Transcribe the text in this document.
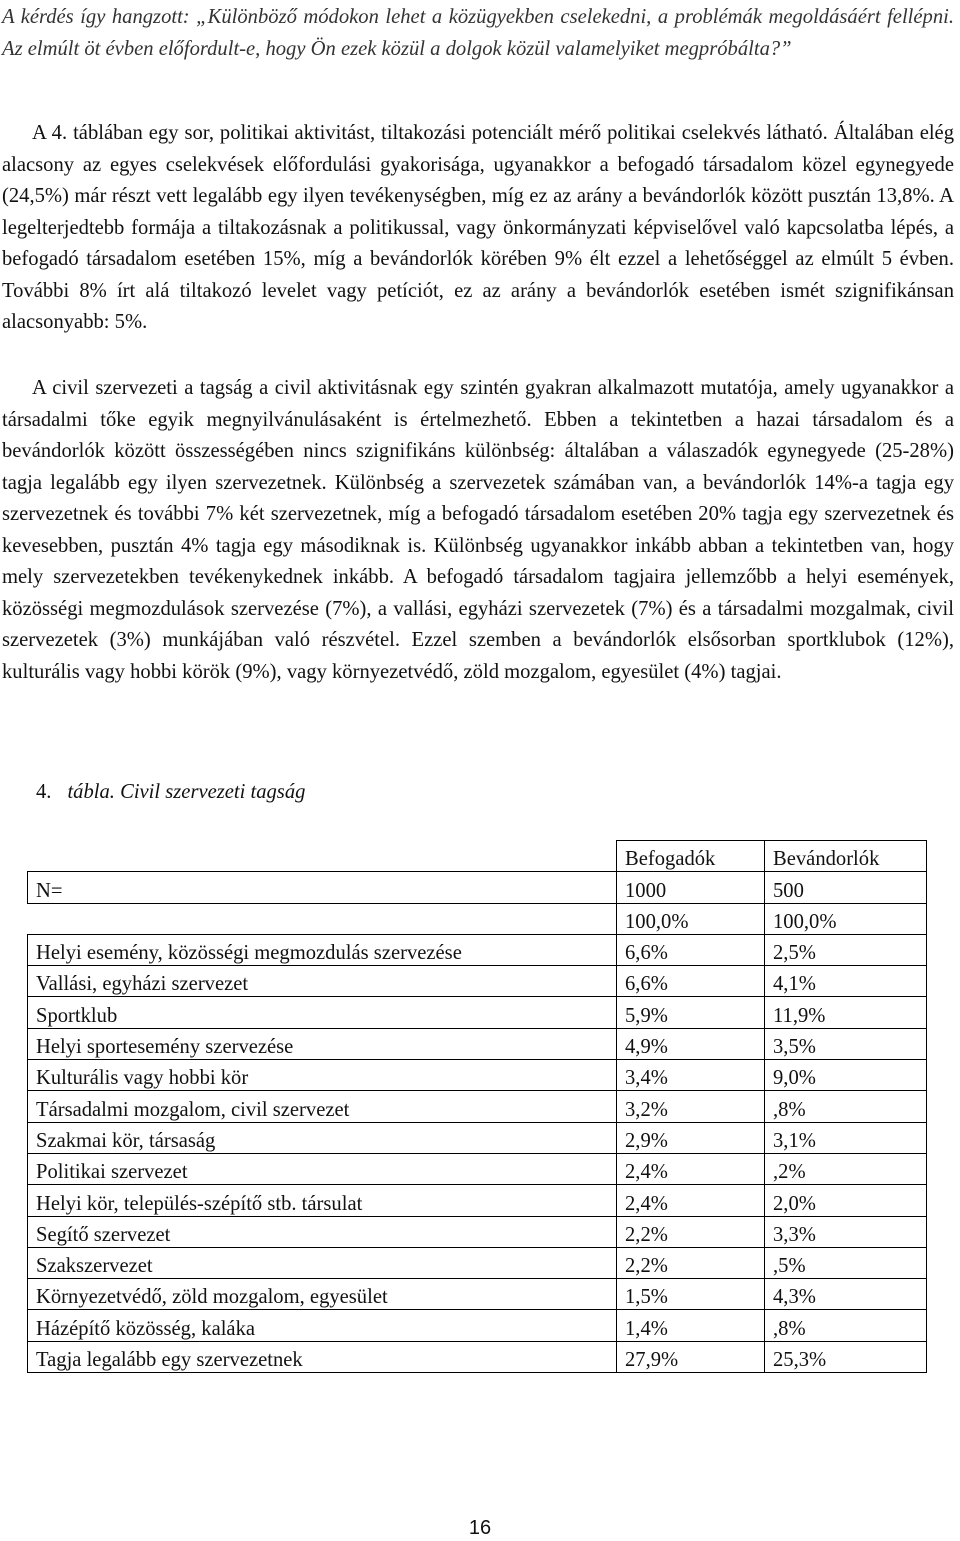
A kérdés így hangzott: „Különböző módokon lehet a közügyekben cselekedni, a problémák megoldásáért fellépni. Az elmúlt öt évben előfordult-e, hogy Ön ezek közül a dolgok közül valamelyiket megpróbálta?”

A 4. táblában egy sor, politikai aktivitást, tiltakozási potenciált mérő politikai cselekvés látható. Általában elég alacsony az egyes cselekvések előfordulási gyakorisága, ugyanakkor a befogadó társadalom közel egynegyede (24,5%) már részt vett legalább egy ilyen tevékenységben, míg ez az arány a bevándorlók között pusztán 13,8%. A legelterjedtebb formája a tiltakozásnak a politikussal, vagy önkormányzati képviselővel való kapcsolatba lépés, a befogadó társadalom esetében 15%, míg a bevándorlók körében 9% élt ezzel a lehetőséggel az elmúlt 5 évben. További 8% írt alá tiltakozó levelet vagy petíciót, ez az arány a bevándorlók esetében ismét szignifikánsan alacsonyabb: 5%.

A civil szervezeti a tagság a civil aktivitásnak egy szintén gyakran alkalmazott mutatója, amely ugyanakkor a társadalmi tőke egyik megnyilvánulásaként is értelmezhető. Ebben a tekintetben a hazai társadalom és a bevándorlók között összességében nincs szignifikáns különbség: általában a válaszadók egynegyede (25-28%) tagja legalább egy ilyen szervezetnek. Különbség a szervezetek számában van, a bevándorlók 14%-a tagja egy szervezetnek és további 7% két szervezetnek, míg a befogadó társadalom esetében 20% tagja egy szervezetnek és kevesebben, pusztán 4% tagja egy másodiknak is. Különbség ugyanakkor inkább abban a tekintetben van, hogy mely szervezetekben tevékenykednek inkább. A befogadó társadalom tagjaira jellemzőbb a helyi események, közösségi megmozdulások szervezése (7%), a vallási, egyházi szervezetek (7%) és a társadalmi mozgalmak, civil szervezetek (3%) munkájában való részvétel. Ezzel szemben a bevándorlók elsősorban sportklubok (12%), kulturális vagy hobbi körök (9%), vagy környezetvédő, zöld mozgalom, egyesület (4%) tagjai.

4. tábla. Civil szervezeti tagság

	Befogadók	Bevándorlók
N=	1000	500
	100,0%	100,0%
Helyi esemény, közösségi megmozdulás szervezése	6,6%	2,5%
Vallási, egyházi szervezet	6,6%	4,1%
Sportklub	5,9%	11,9%
Helyi sportesemény szervezése	4,9%	3,5%
Kulturális vagy hobbi kör	3,4%	9,0%
Társadalmi mozgalom, civil szervezet	3,2%	,8%
Szakmai kör, társaság	2,9%	3,1%
Politikai szervezet	2,4%	,2%
Helyi kör, település-szépítő stb. társulat	2,4%	2,0%
Segítő szervezet	2,2%	3,3%
Szakszervezet	2,2%	,5%
Környezetvédő, zöld mozgalom, egyesület	1,5%	4,3%
Házépítő közösség, kaláka	1,4%	,8%
Tagja legalább egy szervezetnek	27,9%	25,3%
16
